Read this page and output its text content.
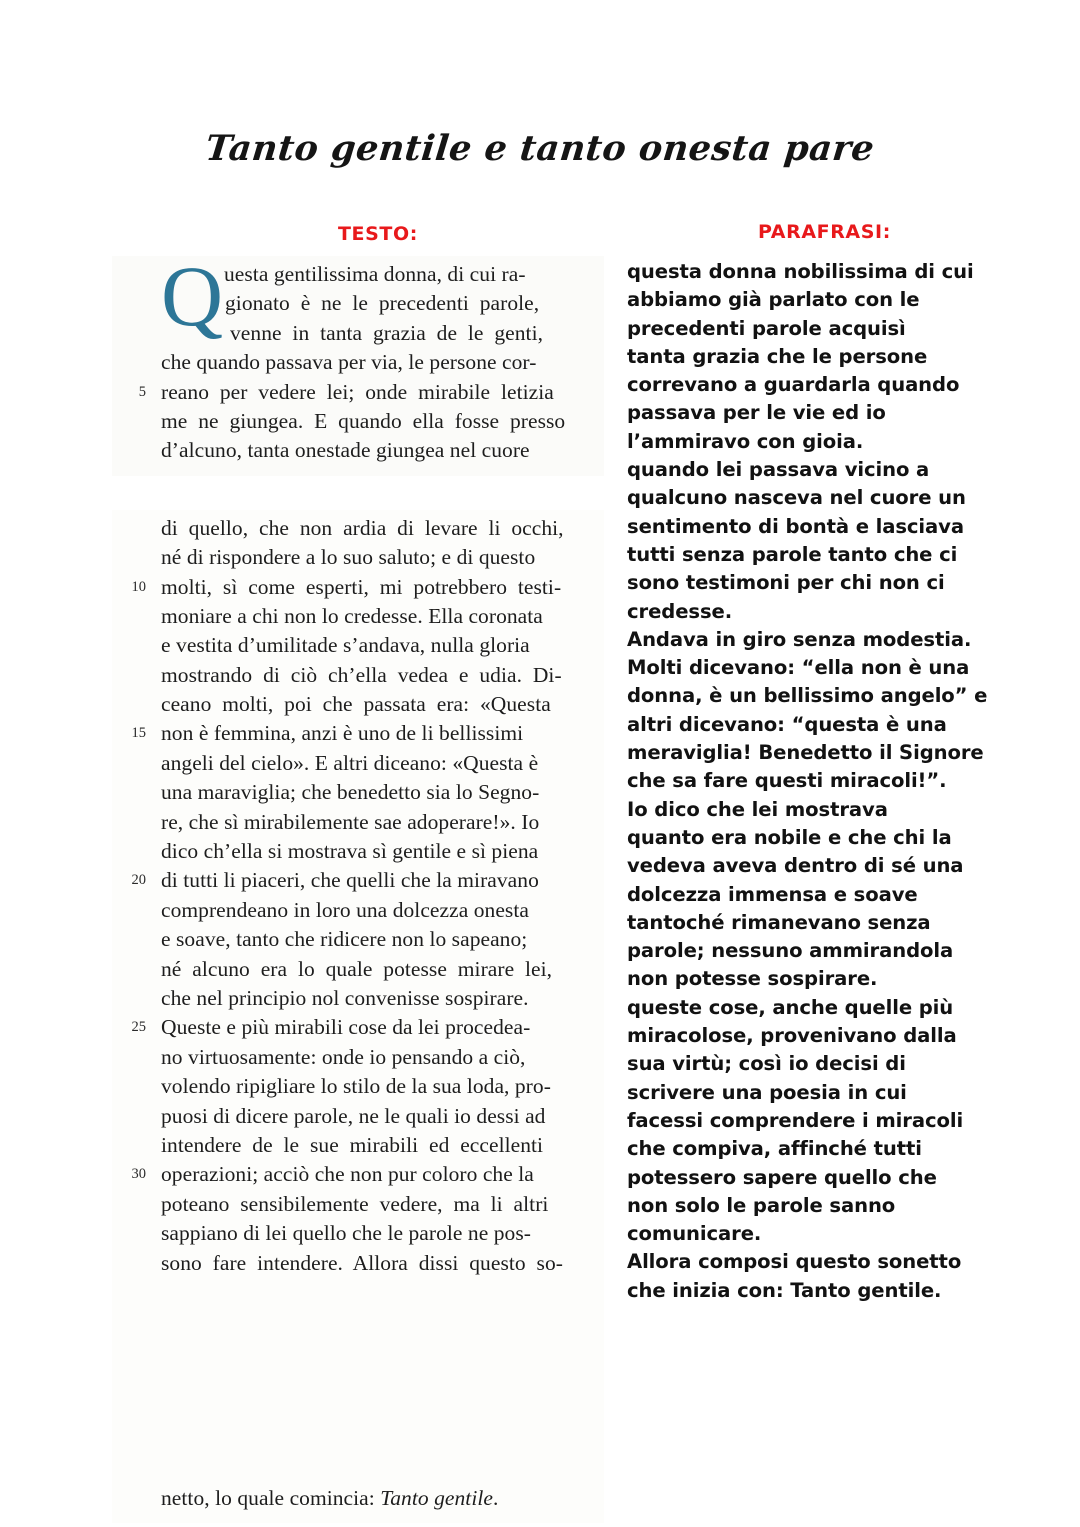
Tanto gentile e tanto onesta pare
TESTO:	PARAFRASI:
Q uesta gentilissima donna, di cui ra-
gionato  è  ne  le  precedenti  parole,
venne  in  tanta  grazia  de  le  genti,
che quando passava per via, le persone cor-
5 reano  per  vedere  lei;  onde  mirabile  letizia
me  ne  giungea.  E  quando  ella  fosse  presso
d’alcuno, tanta onestade giungea nel cuore
di  quello,  che  non  ardia  di  levare  li  occhi,
né di rispondere a lo suo saluto; e di questo
10 molti,  sì  come  esperti,  mi  potrebbero  testi-
moniare a chi non lo credesse. Ella coronata
e vestita d’umilitade s’andava, nulla gloria
mostrando  di  ciò  ch’ella  vedea  e  udia.  Di-
ceano  molti,  poi  che  passata  era:  «Questa
15 non è femmina, anzi è uno de li bellissimi
angeli del cielo». E altri diceano: «Questa è
una maraviglia; che benedetto sia lo Segno-
re, che sì mirabilemente sae adoperare!». Io
dico ch’ella si mostrava sì gentile e sì piena
20 di tutti li piaceri, che quelli che la miravano
comprendeano in loro una dolcezza onesta
e soave, tanto che ridicere non lo sapeano;
né  alcuno  era  lo  quale  potesse  mirare  lei,
che nel principio nol convenisse sospirare.
25 Queste e più mirabili cose da lei procedea-
no virtuosamente: onde io pensando a ciò,
volendo ripigliare lo stilo de la sua loda, pro-
puosi di dicere parole, ne le quali io dessi ad
intendere  de  le  sue  mirabili  ed  eccellenti
30 operazioni; acciò che non pur coloro che la
poteano  sensibilemente  vedere,  ma  li  altri
sappiano di lei quello che le parole ne pos-
sono  fare  intendere.  Allora  dissi  questo  so-
netto, lo quale comincia: Tanto gentile.
questa donna nobilissima di cui
abbiamo già parlato con le
precedenti parole acquisì
tanta grazia che le persone
correvano a guardarla quando
passava per le vie ed io
l’ammiravo con gioia.
quando lei passava vicino a
qualcuno nasceva nel cuore un
sentimento di bontà e lasciava
tutti senza parole tanto che ci
sono testimoni per chi non ci
credesse.
Andava in giro senza modestia.
Molti dicevano: “ella non è una
donna, è un bellissimo angelo” e
altri dicevano: “questa è una
meraviglia! Benedetto il Signore
che sa fare questi miracoli!”.
Io dico che lei mostrava
quanto era nobile e che chi la
vedeva aveva dentro di sé una
dolcezza immensa e soave
tantoché rimanevano senza
parole; nessuno ammirandola
non potesse sospirare.
queste cose, anche quelle più
miracolose, provenivano dalla
sua virtù; così io decisi di
scrivere una poesia in cui
facessi comprendere i miracoli
che compiva, affinché tutti
potessero sapere quello che
non solo le parole sanno
comunicare.
Allora composi questo sonetto
che inizia con: Tanto gentile.
